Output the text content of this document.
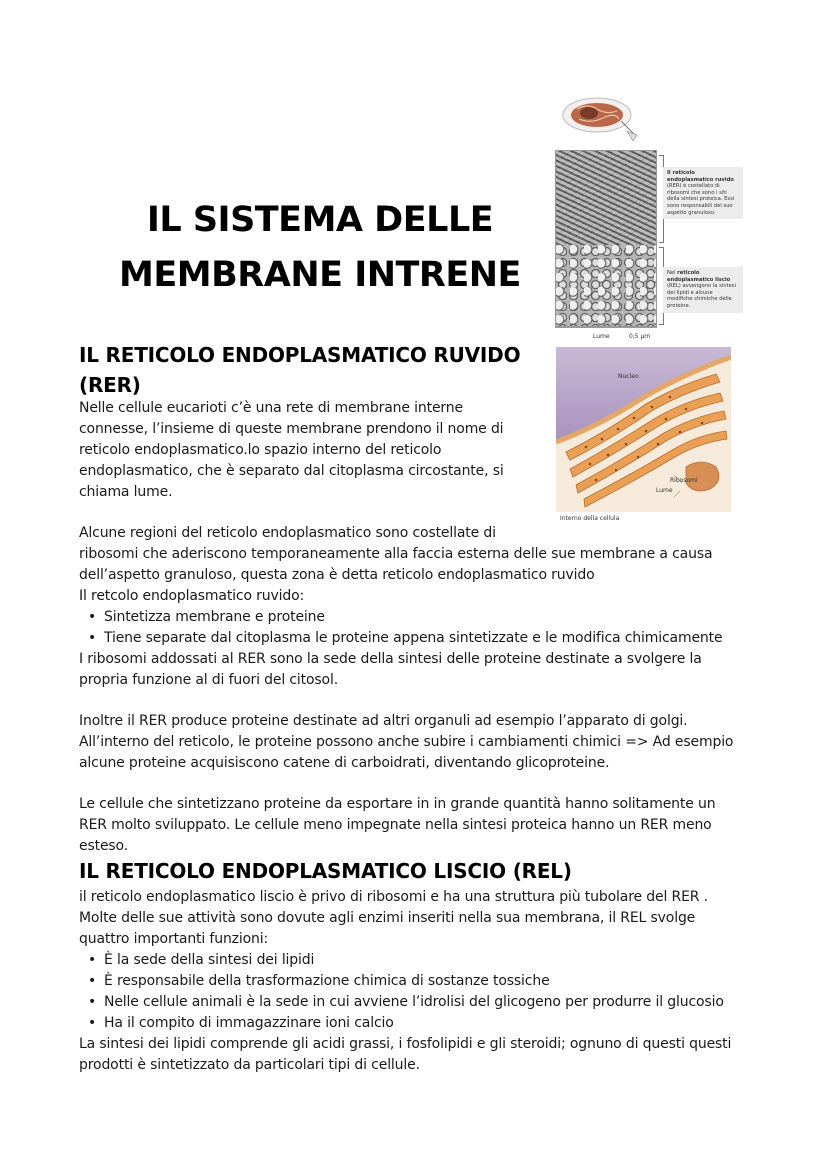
IL SISTEMA DELLE
MEMBRANE INTRENE
Il reticolo endoplasmatico ruvido (RER) è costellato di ribosomi che sono i siti della sintesi proteica. Essi sono responsabili del suo aspetto granuloso.
Nel reticolo endoplasmatico liscio (REL) avvengono la sintesi dei lipidi e alcune modifiche chimiche delle proteine.
Lume	0,5 µm
Nucleo
Ribosomi
Lume
Interno della cellula
IL RETICOLO ENDOPLASMATICO RUVIDO
(RER)
Nelle cellule eucarioti c’è una rete di membrane interne
connesse, l’insieme di queste membrane prendono il nome di
reticolo endoplasmatico.lo spazio interno del reticolo
endoplasmatico, che è separato dal citoplasma circostante, si
chiama lume.
Alcune regioni del reticolo endoplasmatico sono costellate di
ribosomi che aderiscono temporaneamente alla faccia esterna delle sue membrane a causa
dell’aspetto granuloso, questa zona è detta reticolo endoplasmatico ruvido
Il retcolo endoplasmatico ruvido:
• Sintetizza membrane e proteine
• Tiene separate dal citoplasma le proteine appena sintetizzate e le modifica chimicamente
I ribosomi addossati al RER sono la sede della sintesi delle proteine destinate a svolgere la
propria funzione al di fuori del citosol.
Inoltre il RER produce proteine destinate ad altri organuli ad esempio l’apparato di golgi.
All’interno del reticolo, le proteine possono anche subire i cambiamenti chimici => Ad esempio
alcune proteine acquisiscono catene di carboidrati, diventando glicoproteine.
Le cellule che sintetizzano proteine da esportare in in grande quantità hanno solitamente un
RER molto sviluppato. Le cellule meno impegnate nella sintesi proteica hanno un RER meno
esteso.
IL RETICOLO ENDOPLASMATICO LISCIO (REL)
il reticolo endoplasmatico liscio è privo di ribosomi e ha una struttura più tubolare del RER .
Molte delle sue attività sono dovute agli enzimi inseriti nella sua membrana, il REL svolge
quattro importanti funzioni:
• È la sede della sintesi dei lipidi
• È responsabile della trasformazione chimica di sostanze tossiche
• Nelle cellule animali è la sede in cui avviene l’idrolisi del glicogeno per produrre il glucosio
• Ha il compito di immagazzinare ioni calcio
La sintesi dei lipidi comprende gli acidi grassi, i fosfolipidi e gli steroidi; ognuno di questi questi
prodotti è sintetizzato da particolari tipi di cellule.
